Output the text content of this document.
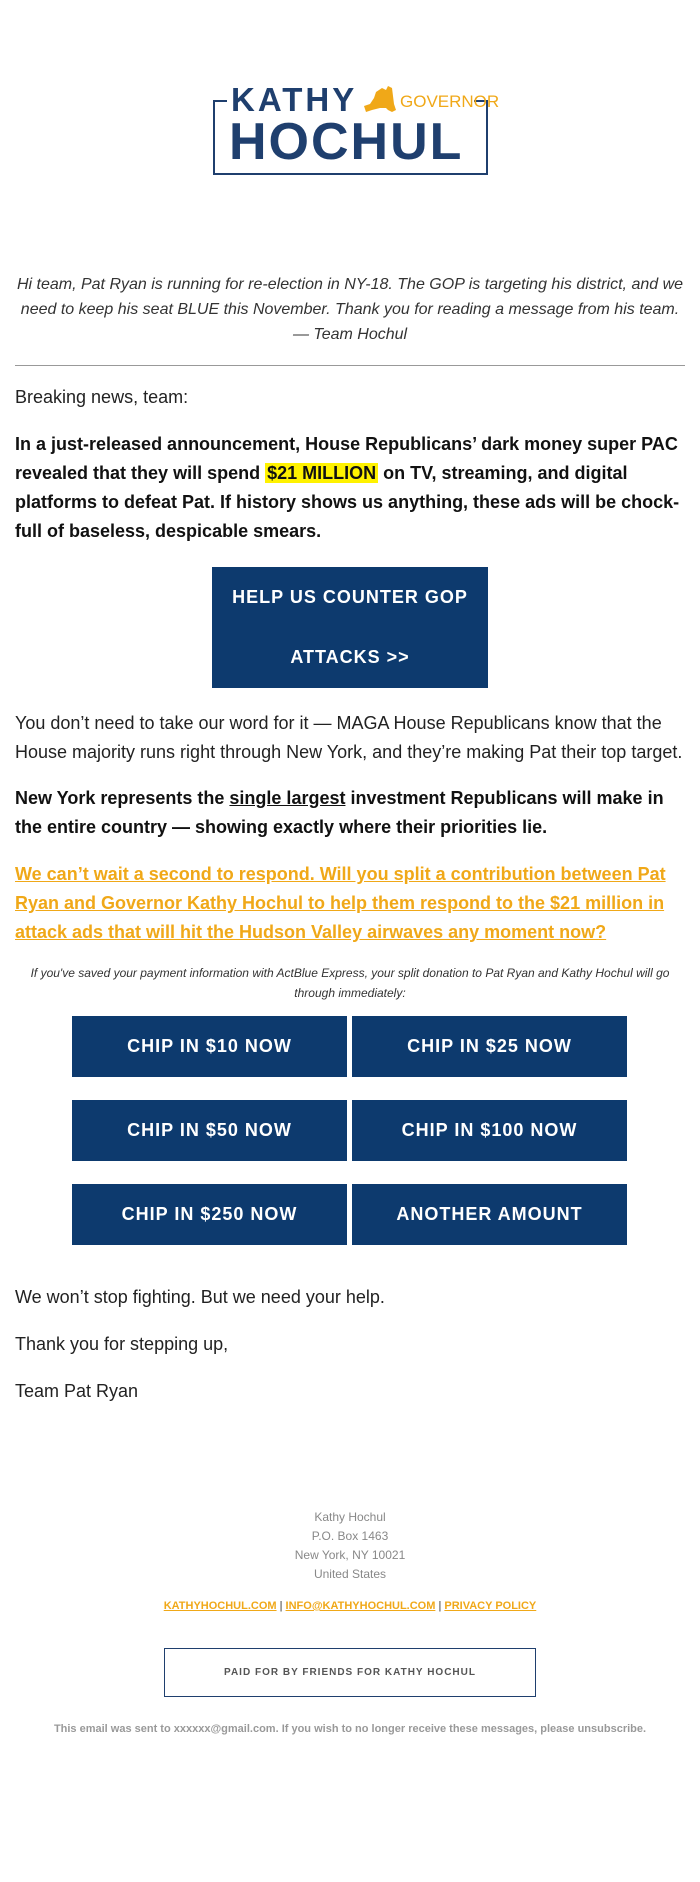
KATHY	GOVERNOR
HOCHUL
Hi team, Pat Ryan is running for re-election in NY-18. The GOP is targeting his district, and we need to keep his seat BLUE this November. Thank you for reading a message from his team. — Team Hochul
Breaking news, team:
In a just-released announcement, House Republicans’ dark money super PAC revealed that they will spend $21 MILLION on TV, streaming, and digital platforms to defeat Pat. If history shows us anything, these ads will be chock-full of baseless, despicable smears.
HELP US COUNTER GOP
ATTACKS >>
You don’t need to take our word for it — MAGA House Republicans know that the House majority runs right through New York, and they’re making Pat their top target.
New York represents the single largest investment Republicans will make in the entire country — showing exactly where their priorities lie.
We can’t wait a second to respond. Will you split a contribution between Pat Ryan and Governor Kathy Hochul to help them respond to the $21 million in attack ads that will hit the Hudson Valley airwaves any moment now?
If you've saved your payment information with ActBlue Express, your split donation to Pat Ryan and Kathy Hochul will go through immediately:
CHIP IN $10 NOW	CHIP IN $25 NOW
CHIP IN $50 NOW	CHIP IN $100 NOW
CHIP IN $250 NOW	ANOTHER AMOUNT
We won’t stop fighting. But we need your help.
Thank you for stepping up,
Team Pat Ryan
Kathy Hochul
P.O. Box 1463
New York, NY 10021
United States
KATHYHOCHUL.COM | INFO@KATHYHOCHUL.COM | PRIVACY POLICY
PAID FOR BY FRIENDS FOR KATHY HOCHUL
This email was sent to xxxxxx@gmail.com. If you wish to no longer receive these messages, please unsubscribe.
